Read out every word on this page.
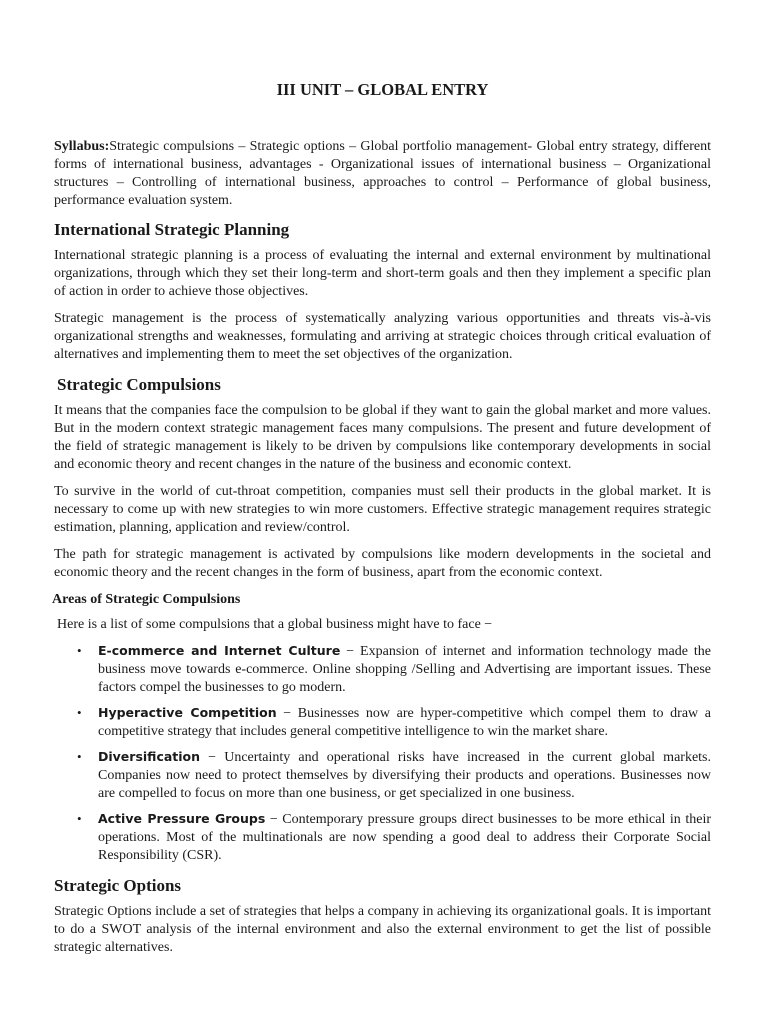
III UNIT – GLOBAL ENTRY
Syllabus:Strategic compulsions – Strategic options – Global portfolio management- Global entry strategy, different forms of international business, advantages - Organizational issues of international business – Organizational structures – Controlling of international business, approaches to control – Performance of global business, performance evaluation system.
International Strategic Planning
International strategic planning is a process of evaluating the internal and external environment by multinational organizations, through which they set their long-term and short-term goals and then they implement a specific plan of action in order to achieve those objectives.
Strategic management is the process of systematically analyzing various opportunities and threats vis-à-vis organizational strengths and weaknesses, formulating and arriving at strategic choices through critical evaluation of alternatives and implementing them to meet the set objectives of the organization.
Strategic Compulsions
It means that the companies face the compulsion to be global if they want to gain the global market and more values. But in the modern context strategic management faces many compulsions. The present and future development of the field of strategic management is likely to be driven by compulsions like contemporary developments in social and economic theory and recent changes in the nature of the business and economic context.
To survive in the world of cut-throat competition, companies must sell their products in the global market. It is necessary to come up with new strategies to win more customers. Effective strategic management requires strategic estimation, planning, application and review/control.
The path for strategic management is activated by compulsions like modern developments in the societal and economic theory and the recent changes in the form of business, apart from the economic context.
Areas of Strategic Compulsions
Here is a list of some compulsions that a global business might have to face −
• E-commerce and Internet Culture − Expansion of internet and information technology made the business move towards e-commerce. Online shopping /Selling and Advertising are important issues. These factors compel the businesses to go modern.
• Hyperactive Competition − Businesses now are hyper-competitive which compel them to draw a competitive strategy that includes general competitive intelligence to win the market share.
• Diversification − Uncertainty and operational risks have increased in the current global markets. Companies now need to protect themselves by diversifying their products and operations. Businesses now are compelled to focus on more than one business, or get specialized in one business.
• Active Pressure Groups − Contemporary pressure groups direct businesses to be more ethical in their operations. Most of the multinationals are now spending a good deal to address their Corporate Social Responsibility (CSR).
Strategic Options
Strategic Options include a set of strategies that helps a company in achieving its organizational goals. It is important to do a SWOT analysis of the internal environment and also the external environment to get the list of possible strategic alternatives.
